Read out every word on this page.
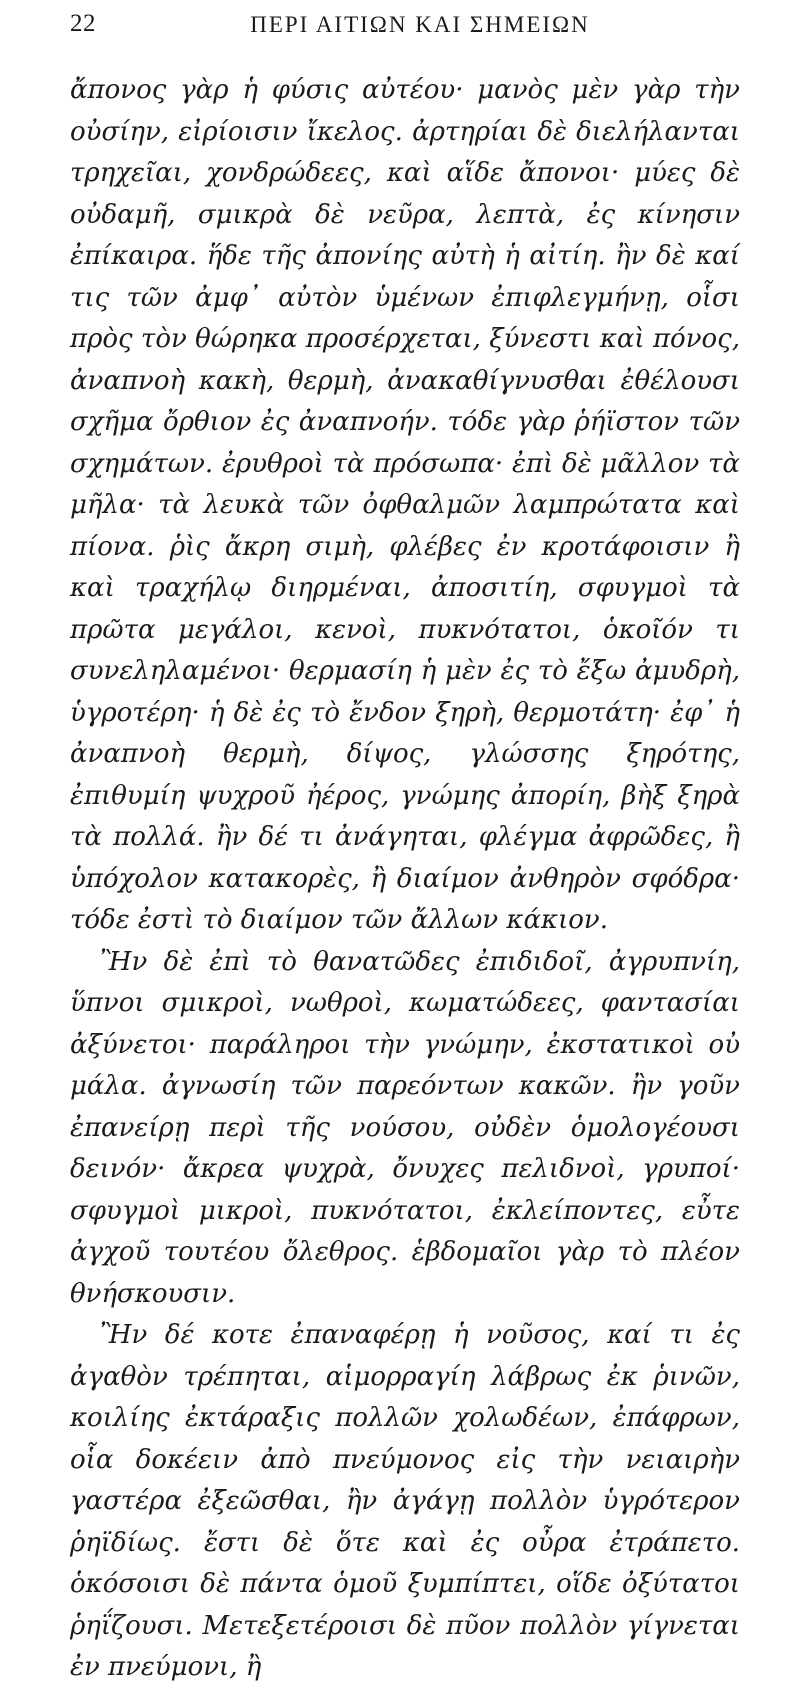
22	ΠΕΡΙ ΑΙΤΙΩΝ ΚΑΙ ΣΗΜΕΙΩΝ

ἄπονος γὰρ ἡ φύσις αὐτέου· μανὸς μὲν γὰρ τὴν οὐσίην, εἰρίοισιν ἴκελος. ἀρτηρίαι δὲ διελήλανται τρηχεῖαι, χονδρώδεες, καὶ αἵδε ἄπονοι· μύες δὲ οὐδαμῆ, σμικρὰ δὲ νεῦρα, λεπτὰ, ἐς κίνησιν ἐπίκαιρα. ἥδε τῆς ἀπονίης αὐτὴ ἡ αἰτίη. ἢν δὲ καί τις τῶν ἀμφ᾽ αὐτὸν ὑμένων ἐπιφλεγμήνῃ, οἷσι πρὸς τὸν θώρηκα προσέρχεται, ξύνεστι καὶ πόνος, ἀναπνοὴ κακὴ, θερμὴ, ἀνακαθίγνυσθαι ἐθέλουσι σχῆμα ὄρθιον ἐς ἀναπνοήν. τόδε γὰρ ῥήϊστον τῶν σχημάτων. ἐρυθροὶ τὰ πρόσωπα· ἐπὶ δὲ μᾶλλον τὰ μῆλα· τὰ λευκὰ τῶν ὀφθαλμῶν λαμπρώτατα καὶ πίονα. ῥὶς ἄκρη σιμὴ, φλέβες ἐν κροτάφοισιν ἢ καὶ τραχήλῳ διηρμέναι, ἀποσιτίη, σφυγμοὶ τὰ πρῶτα μεγάλοι, κενοὶ, πυκνότατοι, ὁκοῖόν τι συνεληλαμένοι· θερμασίη ἡ μὲν ἐς τὸ ἔξω ἀμυδρὴ, ὑγροτέρη· ἡ δὲ ἐς τὸ ἔνδον ξηρὴ, θερμοτάτη· ἐφ᾽ ἡ ἀναπνοὴ θερμὴ, δίψος, γλώσσης ξηρότης, ἐπιθυμίη ψυχροῦ ἠέρος, γνώμης ἀπορίη, βὴξ ξηρὰ τὰ πολλά. ἢν δέ τι ἀνάγηται, φλέγμα ἀφρῶδες, ἢ ὑπόχολον κατακορὲς, ἢ διαίμον ἀνθηρὸν σφόδρα· τόδε ἐστὶ τὸ διαίμον τῶν ἄλλων κάκιον.

Ἢν δὲ ἐπὶ τὸ θανατῶδες ἐπιδιδοῖ, ἀγρυπνίη, ὕπνοι σμικροὶ, νωθροὶ, κωματώδεες, φαντασίαι ἀξύνετοι· παράληροι τὴν γνώμην, ἐκστατικοὶ οὐ μάλα. ἀγνωσίη τῶν παρεόντων κακῶν. ἢν γοῦν ἐπανείρῃ περὶ τῆς νούσου, οὐδὲν ὁμολογέουσι δεινόν· ἄκρεα ψυχρὰ, ὄνυχες πελιδνοὶ, γρυποί· σφυγμοὶ μικροὶ, πυκνότατοι, ἐκλείποντες, εὖτε ἀγχοῦ τουτέου ὄλεθρος. ἑβδομαῖοι γὰρ τὸ πλέον θνήσκουσιν.

Ἢν δέ κοτε ἐπαναφέρῃ ἡ νοῦσος, καί τι ἐς ἀγαθὸν τρέπηται, αἱμορραγίη λάβρως ἐκ ῥινῶν, κοιλίης ἐκτάραξις πολλῶν χολωδέων, ἐπάφρων, οἷα δοκέειν ἀπὸ πνεύμονος εἰς τὴν νειαιρὴν γαστέρα ἐξεῶσθαι, ἢν ἀγάγῃ πολλὸν ὑγρότερον ῥηϊδίως. ἔστι δὲ ὅτε καὶ ἐς οὖρα ἐτράπετο. ὁκόσοισι δὲ πάντα ὁμοῦ ξυμπίπτει, οἵδε ὀξύτατοι ῥηΐζουσι. Μετεξετέροισι δὲ πῦον πολλὸν γίγνεται ἐν πνεύμονι, ἢ
